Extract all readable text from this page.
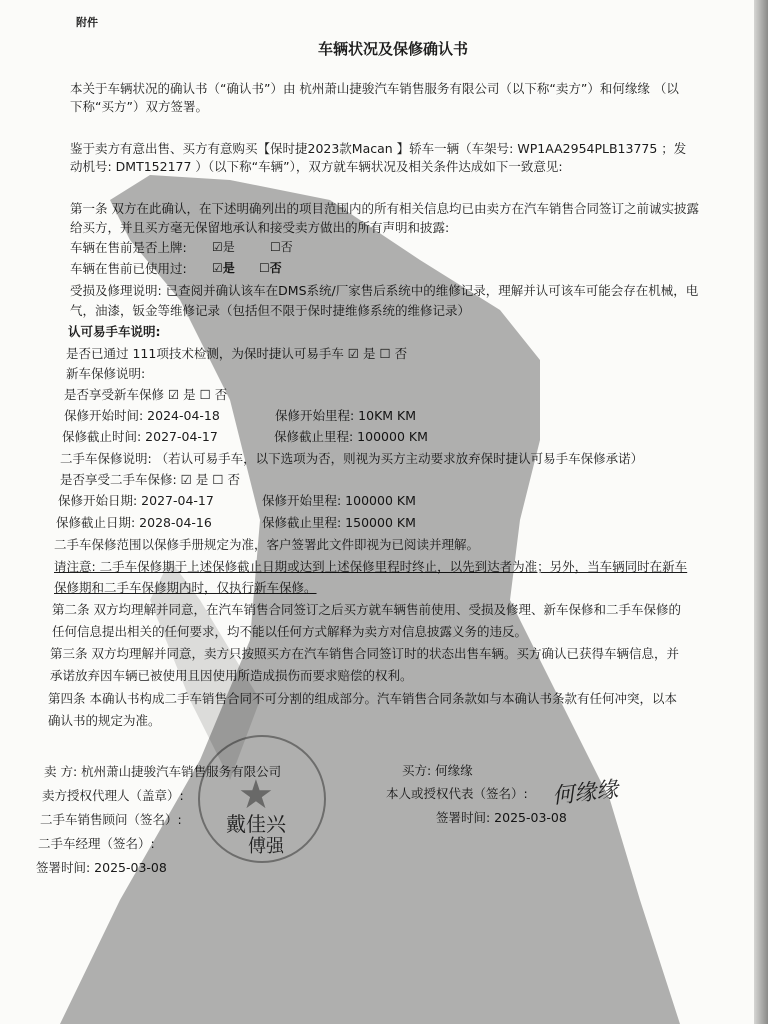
附件
车辆状况及保修确认书
本关于车辆状况的确认书（“确认书”）由 杭州萧山捷骏汽车销售服务有限公司（以下称“卖方”）和何缘缘 （以
下称“买方”）双方签署。
鉴于卖方有意出售、买方有意购买【保时捷2023款Macan 】轿车一辆（车架号: WP1AA2954PLB13775 ；发
动机号: DMT152177 ）（以下称“车辆”），双方就车辆状况及相关条件达成如下一致意见:
第一条 双方在此确认，在下述明确列出的项目范围内的所有相关信息均已由卖方在汽车销售合同签订之前诚实披露
给买方，并且买方毫无保留地承认和接受卖方做出的所有声明和披露:
车辆在售前是否上牌: ☑是	☐否
车辆在售前已使用过: ☑是 ☐否
受损及修理说明: 已查阅并确认该车在DMS系统/厂家售后系统中的维修记录，理解并认可该车可能会存在机械，电
气，油漆，钣金等维修记录（包括但不限于保时捷维修系统的维修记录）
认可易手车说明:
是否已通过 111项技术检测，为保时捷认可易手车 ☑ 是 ☐ 否
新车保修说明:
是否享受新车保修 ☑ 是 ☐ 否
保修开始时间: 2024-04-18	保修开始里程: 10KM KM
保修截止时间: 2027-04-17	保修截止里程: 100000 KM
二手车保修说明: （若认可易手车，以下选项为否，则视为买方主动要求放弃保时捷认可易手车保修承诺）
是否享受二手车保修: ☑ 是 ☐ 否
保修开始日期: 2027-04-17	保修开始里程: 100000 KM
保修截止日期: 2028-04-16	保修截止里程: 150000 KM
二手车保修范围以保修手册规定为准，客户签署此文件即视为已阅读并理解。
请注意: 二手车保修期于上述保修截止日期或达到上述保修里程时终止，以先到达者为准；另外，当车辆同时在新车
保修期和二手车保修期内时，仅执行新车保修。
第二条 双方均理解并同意，在汽车销售合同签订之后买方就车辆售前使用、受损及修理、新车保修和二手车保修的
任何信息提出相关的任何要求，均不能以任何方式解释为卖方对信息披露义务的违反。
第三条 双方均理解并同意，卖方只按照买方在汽车销售合同签订时的状态出售车辆。买方确认已获得车辆信息，并
承诺放弃因车辆已被使用且因使用所造成损伤而要求赔偿的权利。
第四条 本确认书构成二手车销售合同不可分割的组成部分。汽车销售合同条款如与本确认书条款有任何冲突，以本
确认书的规定为准。
卖 方: 杭州萧山捷骏汽车销售服务有限公司
卖方授权代理人（盖章）:
二手车销售顾问（签名）:
二手车经理（签名）:
签署时间: 2025-03-08
买方: 何缘缘
本人或授权代表（签名）:
签署时间: 2025-03-08
★
戴佳兴
傅强
何缘缘
